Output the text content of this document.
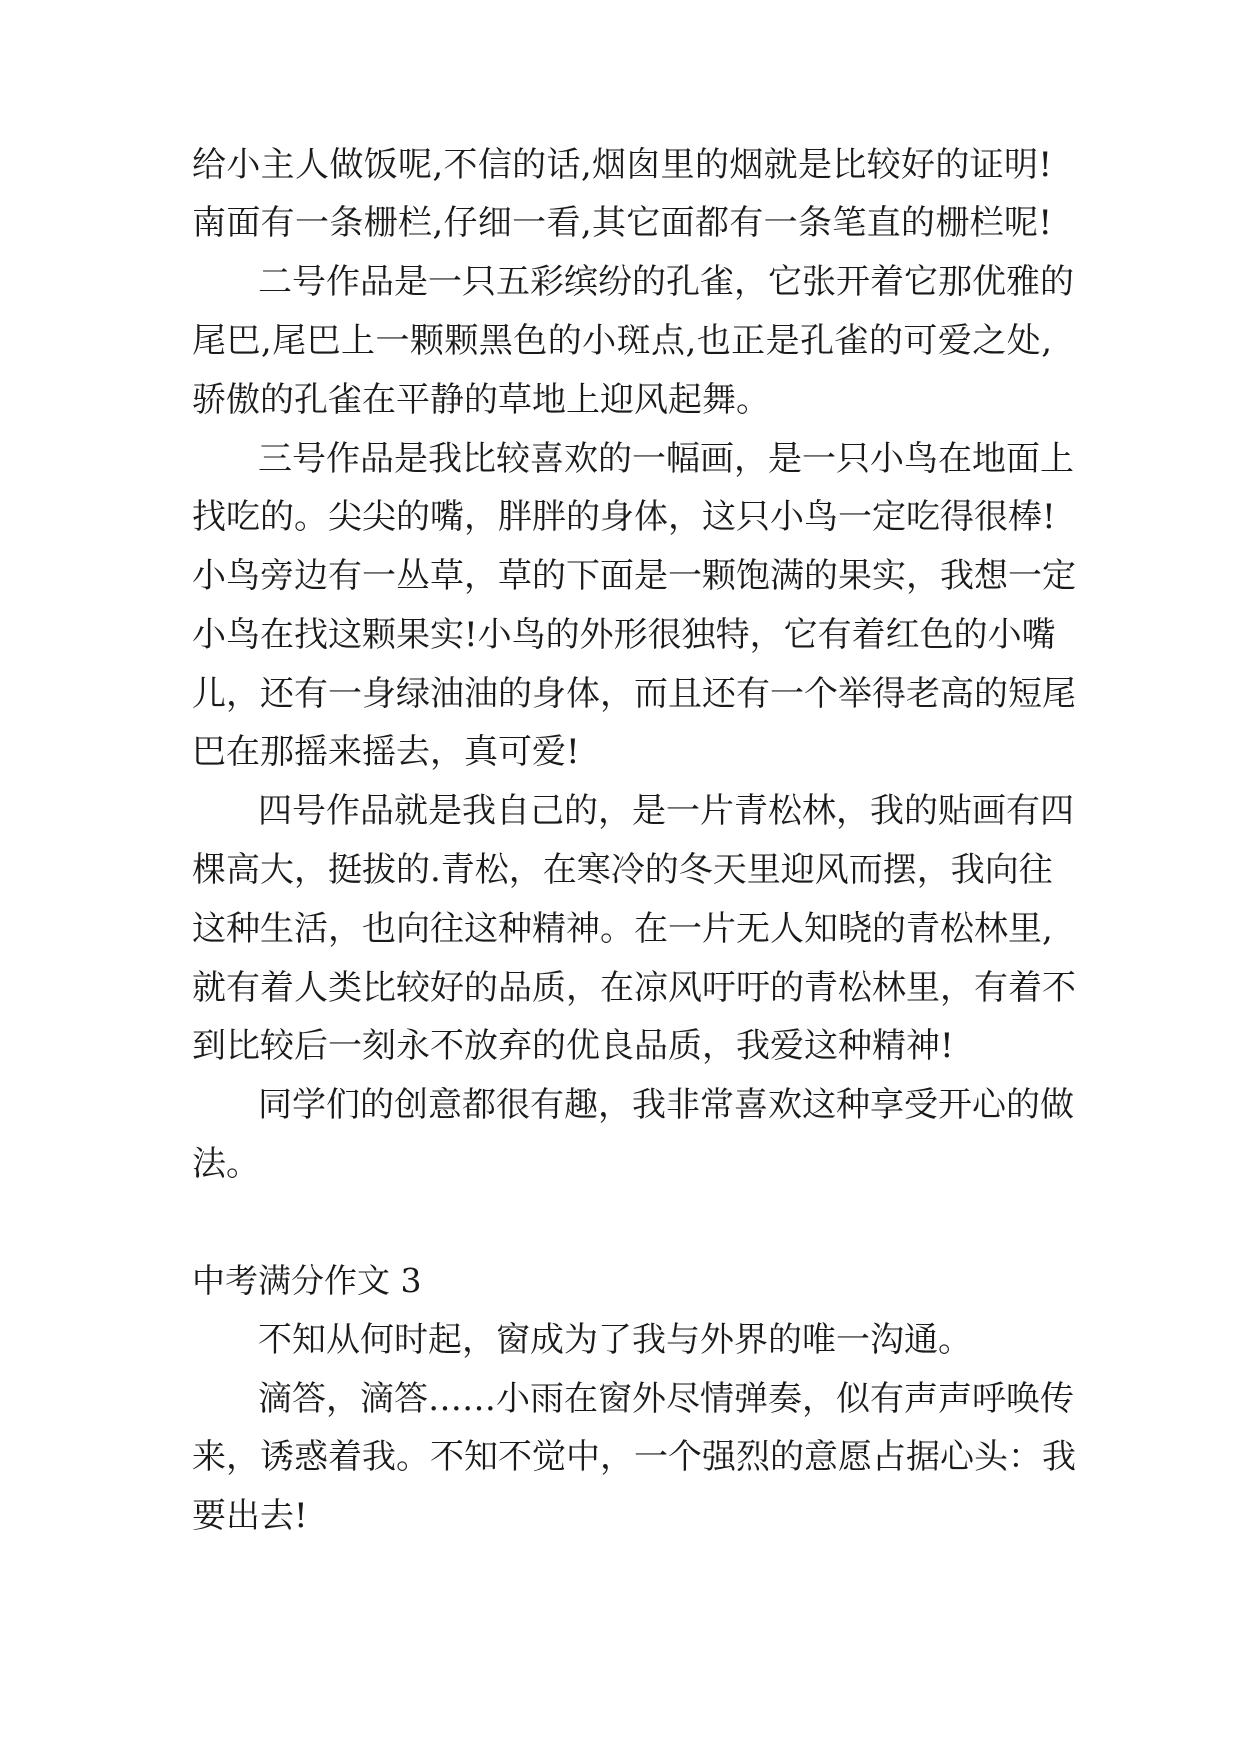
给小主人做饭呢,不信的话,烟囱里的烟就是比较好的证明!
南面有一条栅栏,仔细一看,其它面都有一条笔直的栅栏呢!
二号作品是一只五彩缤纷的孔雀，它张开着它那优雅的
尾巴,尾巴上一颗颗黑色的小斑点,也正是孔雀的可爱之处,
骄傲的孔雀在平静的草地上迎风起舞。
三号作品是我比较喜欢的一幅画，是一只小鸟在地面上
找吃的。尖尖的嘴，胖胖的身体，这只小鸟一定吃得很棒!
小鸟旁边有一丛草，草的下面是一颗饱满的果实，我想一定
小鸟在找这颗果实!小鸟的外形很独特，它有着红色的小嘴
儿，还有一身绿油油的身体，而且还有一个举得老高的短尾
巴在那摇来摇去，真可爱!
四号作品就是我自己的，是一片青松林，我的贴画有四
棵高大，挺拔的.青松，在寒冷的冬天里迎风而摆，我向往
这种生活，也向往这种精神。在一片无人知晓的青松林里,
就有着人类比较好的品质，在凉风吁吁的青松林里，有着不
到比较后一刻永不放弃的优良品质，我爱这种精神!
同学们的创意都很有趣，我非常喜欢这种享受开心的做
法。
中考满分作文 3
不知从何时起，窗成为了我与外界的唯一沟通。
滴答，滴答……小雨在窗外尽情弹奏，似有声声呼唤传
来，诱惑着我。不知不觉中，一个强烈的意愿占据心头：我
要出去!
